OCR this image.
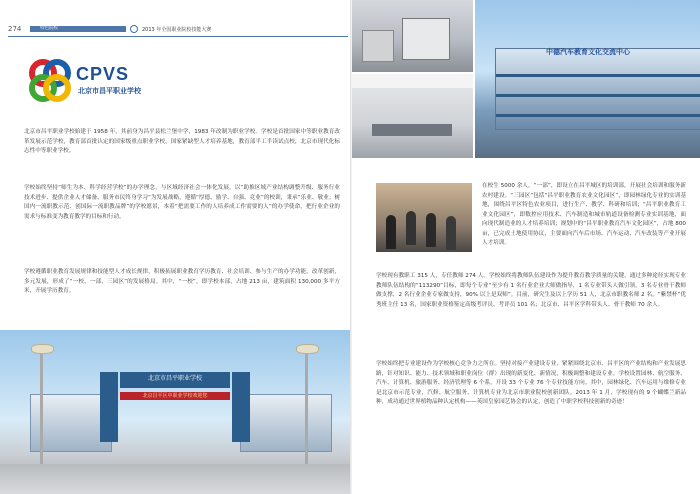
274	特色院校	2013 年全国职业院校技能大赛
CPVS
北京市昌平职业学校

北京市昌平职业学校始建于 1958 年，其前身为昌平县松兰堡中学，1983 年改制为职业学校。学校是首批国家中等职业教育改革发展示范学校，教育部首批认定的国家级重点职业学校，国家紧缺型人才培养基地，教育部半工半读试点校，北京市现代化标志性中等职业学校。

学校始终坚持“师生为本、科学经营学校”的办学理念，与区域经济社会一体化发展。以“助推区域产业结构调整升级、服务行业技术进步、提供企业人才储备、服务市民终身学习”为发展战略，遵循“厚德、励学、自强、竞业”的校训，秉承“乐业、敬业；树国内一流职教示范、创国际一流职教品牌”的学校愿景，本着“把需要工作的人培养成工作需要的人”的办学使命，把行业企业的需求与标准变为教育教学的目标和行动。

学校遵循职业教育发展规律和技能型人才成长规律，积极拓展职业教育学历教育、社会培训、参与生产的办学功能，改革创新，多元发展，形成了“一校、一部、三园区”的发展格局。其中，“一校”，即学校本部，占地 213 亩，建筑面积 130,000 多平方米，开展学历教育。

北京市昌平职业学校
北京昌平区中职业学校欢迎您
中德汽车教育文化交流中心

在校生 5000 余人。“一部”，即设立在昌平城区的培训部，开展社会培训和服务新农村建设。“三园区”包括“昌平职业教育农业文化园区”，即园林绿化专业的实训基地，围绕昌平区特色农业项目，进行生产、教学、科研和培训；“昌平职业教育工业文化园区”，即数控应用技术、汽车制造和城市轨道设备检测专业实训基地，面向现代制造业的人才培养培训；规划中的“昌平职业教育汽车文化园区”，占地 800 亩，已完成土地使用协议，主要面向汽车后市场、汽车运动、汽车改装等产业开展人才培训。

学校现有教职工 315 人，专任教师 274 人。学校始终将教师队伍建设作为提升教育教学质量的关键，通过多种途径实现专业教师队伍结构的“113290”目标，即每个专业“至少有 1 名行业企业大师做指导，1 名专业带头人做引领，3 名专业骨干教师做支撑，2 名行业企业专家做支持，90% 以上是双师”。目前，研究生及以上学历 51 人，北京市职教名师 2 名，“紫禁杯”优秀班主任 13 名，国家职业资格鉴定高级考评员、考评员 101 名；北京市、昌平区学科带头人、骨干教师 70 余人。

学校始终把专业建设作为学校核心竞争力之所在。坚持对接产业建设专业，紧紧围绕北京市、昌平区的产业结构和产业发展思路，针对知识、能力、技术领域和职业岗位（群）出现的新变化、新情况，积极调整和建设专业。学校设置园林、航空服务、汽车、计算机、旅游服务、经济管理等 6 个系，开设 33 个专业 76 个专业技能方向。其中，园林绿化、汽车运用与维修专业是北京市示范专业，汽修、航空服务、计算机专业为北京市职业院校创新团队。2013 年 1 月，学校现有的 9 个蝴蝶兰新品种，成功通过世界植物品种认定机构——英国皇家园艺协会的认定，创造了中职学校科技创新的奇迹！
